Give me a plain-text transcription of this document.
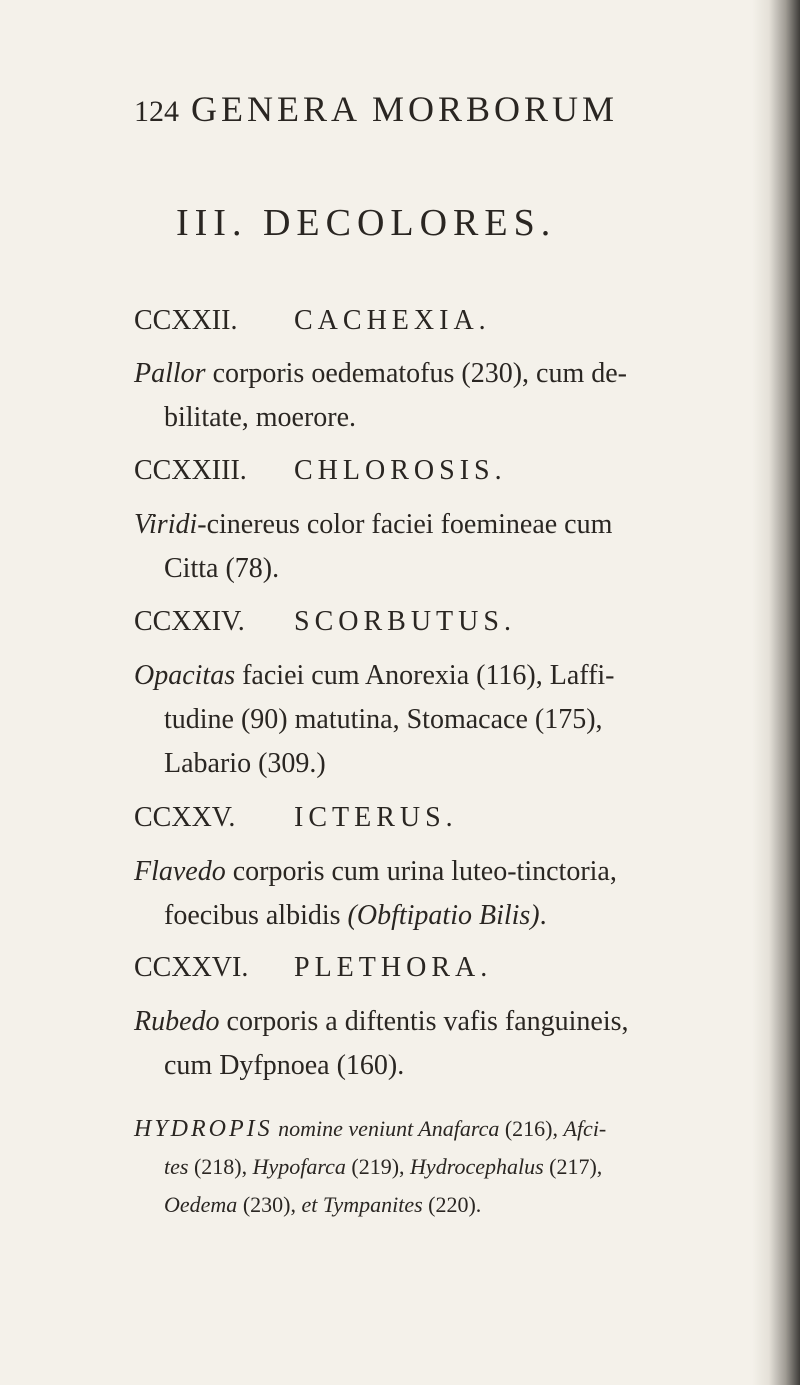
124 GENERA MORBORUM
III. DECOLORES.
CCXXII. CACHEXIA.
Pallor corporis oedematofus (230), cum de-
bilitate, moerore.
CCXXIII. CHLOROSIS.
Viridi-cinereus color faciei foemineae cum
Citta (78).
CCXXIV. SCORBUTUS.
Opacitas faciei cum Anorexia (116), Laffi-
tudine (90) matutina, Stomacace (175),
Labario (309.)
CCXXV. ICTERUS.
Flavedo corporis cum urina luteo-tinctoria,
foecibus albidis (Obftipatio Bilis).
CCXXVI. PLETHORA.
Rubedo corporis a diftentis vafis fanguineis,
cum Dyfpnoea (160).
HYDROPIS nomine veniunt Anafarca (216), Afci-
tes (218), Hypofarca (219), Hydrocephalus (217),
Oedema (230), et Tympanites (220).
